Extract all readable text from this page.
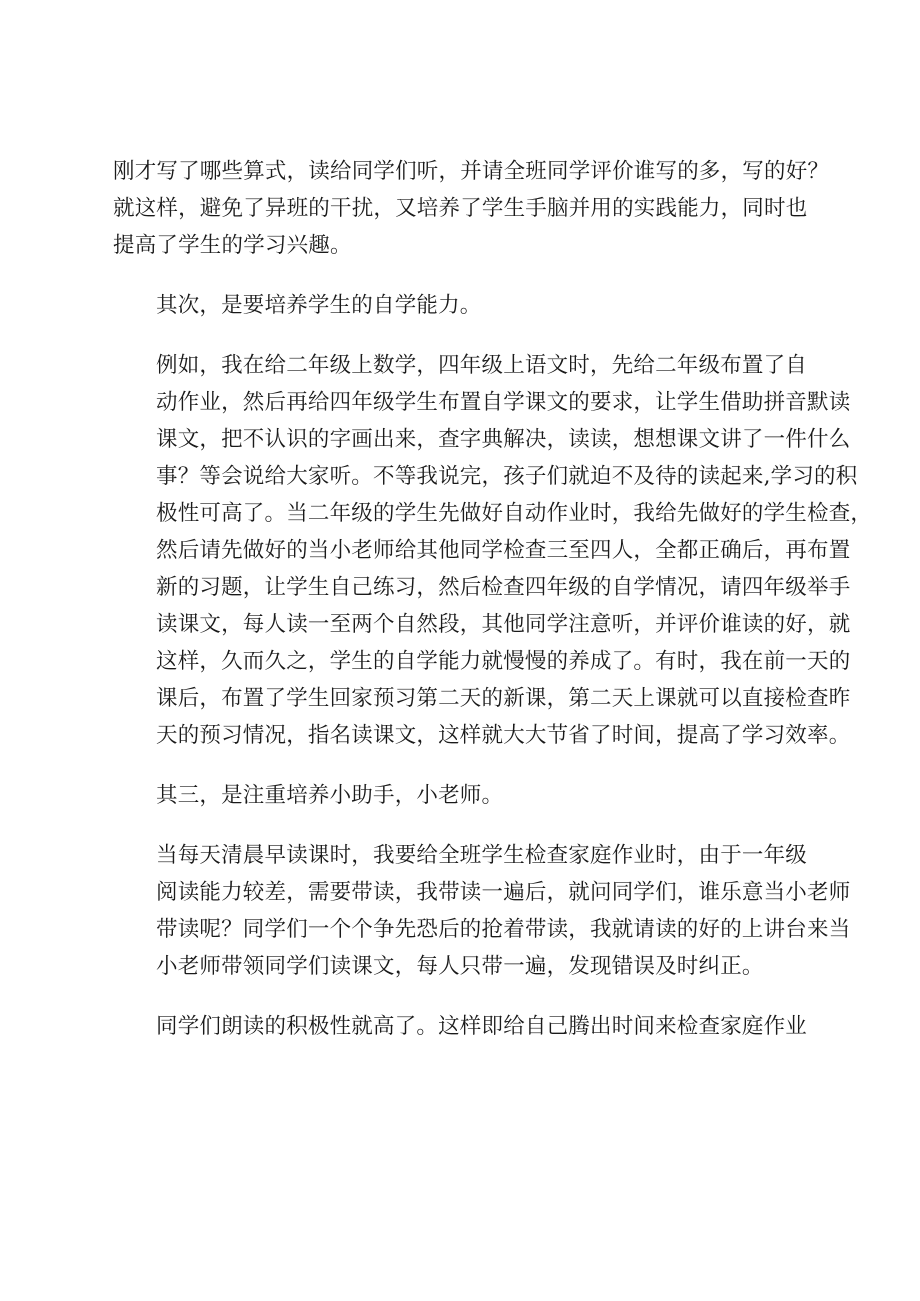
刚才写了哪些算式，读给同学们听，并请全班同学评价谁写的多，写的好？
就这样，避免了异班的干扰，又培养了学生手脑并用的实践能力，同时也
提高了学生的学习兴趣。

其次，是要培养学生的自学能力。

例如，我在给二年级上数学，四年级上语文时，先给二年级布置了自
动作业，然后再给四年级学生布置自学课文的要求，让学生借助拼音默读
课文，把不认识的字画出来，查字典解决，读读，想想课文讲了一件什么
事？等会说给大家听。不等我说完，孩子们就迫不及待的读起来,学习的积
极性可高了。当二年级的学生先做好自动作业时，我给先做好的学生检查，
然后请先做好的当小老师给其他同学检查三至四人，全都正确后，再布置
新的习题，让学生自己练习，然后检查四年级的自学情况，请四年级举手
读课文，每人读一至两个自然段，其他同学注意听，并评价谁读的好，就
这样，久而久之，学生的自学能力就慢慢的养成了。有时，我在前一天的
课后，布置了学生回家预习第二天的新课，第二天上课就可以直接检查昨
天的预习情况，指名读课文，这样就大大节省了时间，提高了学习效率。

其三，是注重培养小助手，小老师。

当每天清晨早读课时，我要给全班学生检查家庭作业时，由于一年级
阅读能力较差，需要带读，我带读一遍后，就问同学们，谁乐意当小老师
带读呢？同学们一个个争先恐后的抢着带读，我就请读的好的上讲台来当
小老师带领同学们读课文，每人只带一遍，发现错误及时纠正。

同学们朗读的积极性就高了。这样即给自己腾出时间来检查家庭作业
